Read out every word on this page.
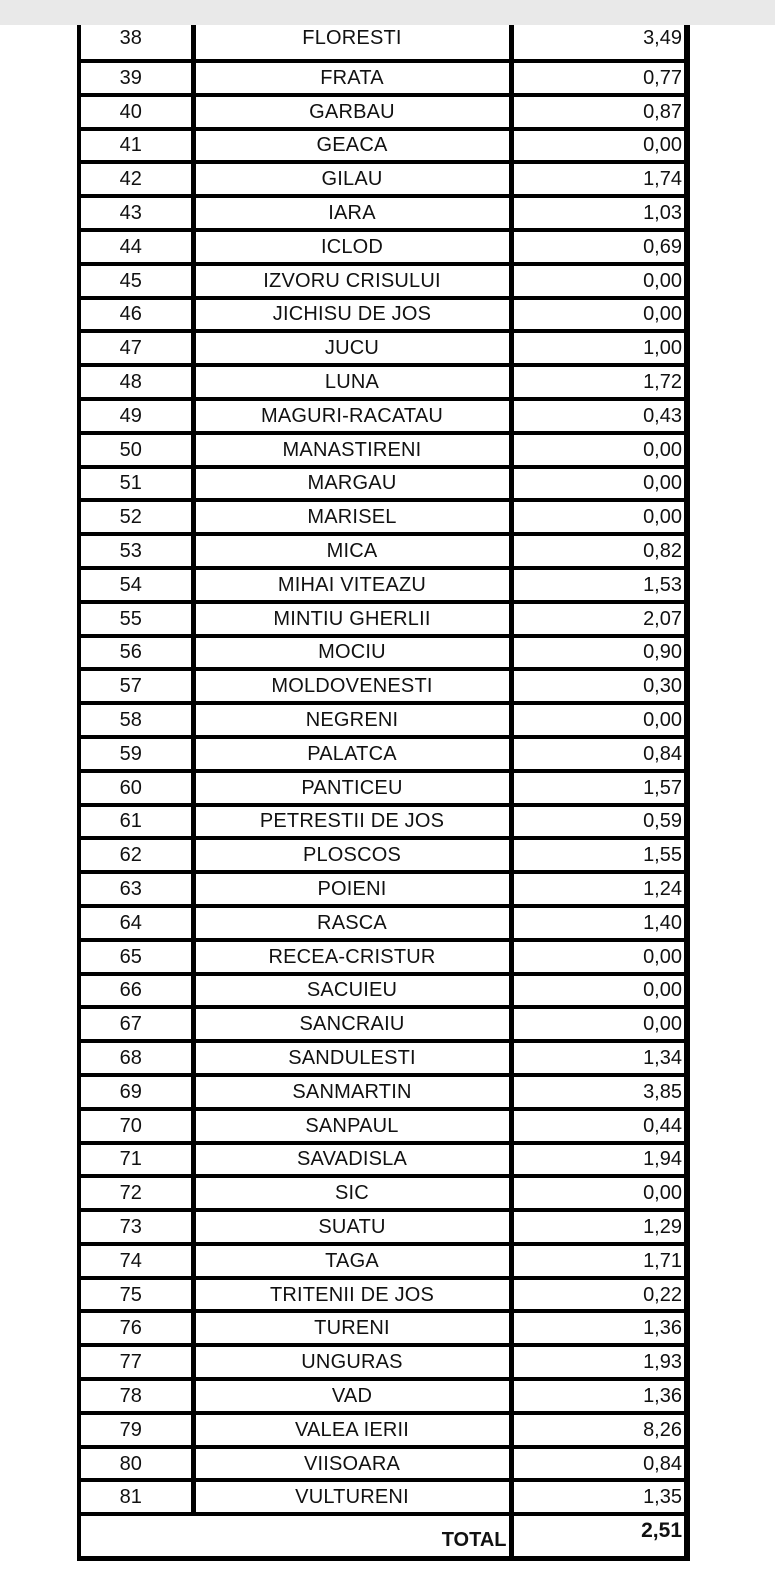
38	FLORESTI	3,49
39	FRATA	0,77
40	GARBAU	0,87
41	GEACA	0,00
42	GILAU	1,74
43	IARA	1,03
44	ICLOD	0,69
45	IZVORU CRISULUI	0,00
46	JICHISU DE JOS	0,00
47	JUCU	1,00
48	LUNA	1,72
49	MAGURI-RACATAU	0,43
50	MANASTIRENI	0,00
51	MARGAU	0,00
52	MARISEL	0,00
53	MICA	0,82
54	MIHAI VITEAZU	1,53
55	MINTIU GHERLII	2,07
56	MOCIU	0,90
57	MOLDOVENESTI	0,30
58	NEGRENI	0,00
59	PALATCA	0,84
60	PANTICEU	1,57
61	PETRESTII DE JOS	0,59
62	PLOSCOS	1,55
63	POIENI	1,24
64	RASCA	1,40
65	RECEA-CRISTUR	0,00
66	SACUIEU	0,00
67	SANCRAIU	0,00
68	SANDULESTI	1,34
69	SANMARTIN	3,85
70	SANPAUL	0,44
71	SAVADISLA	1,94
72	SIC	0,00
73	SUATU	1,29
74	TAGA	1,71
75	TRITENII DE JOS	0,22
76	TURENI	1,36
77	UNGURAS	1,93
78	VAD	1,36
79	VALEA IERII	8,26
80	VIISOARA	0,84
81	VULTURENI	1,35
TOTAL		2,51
